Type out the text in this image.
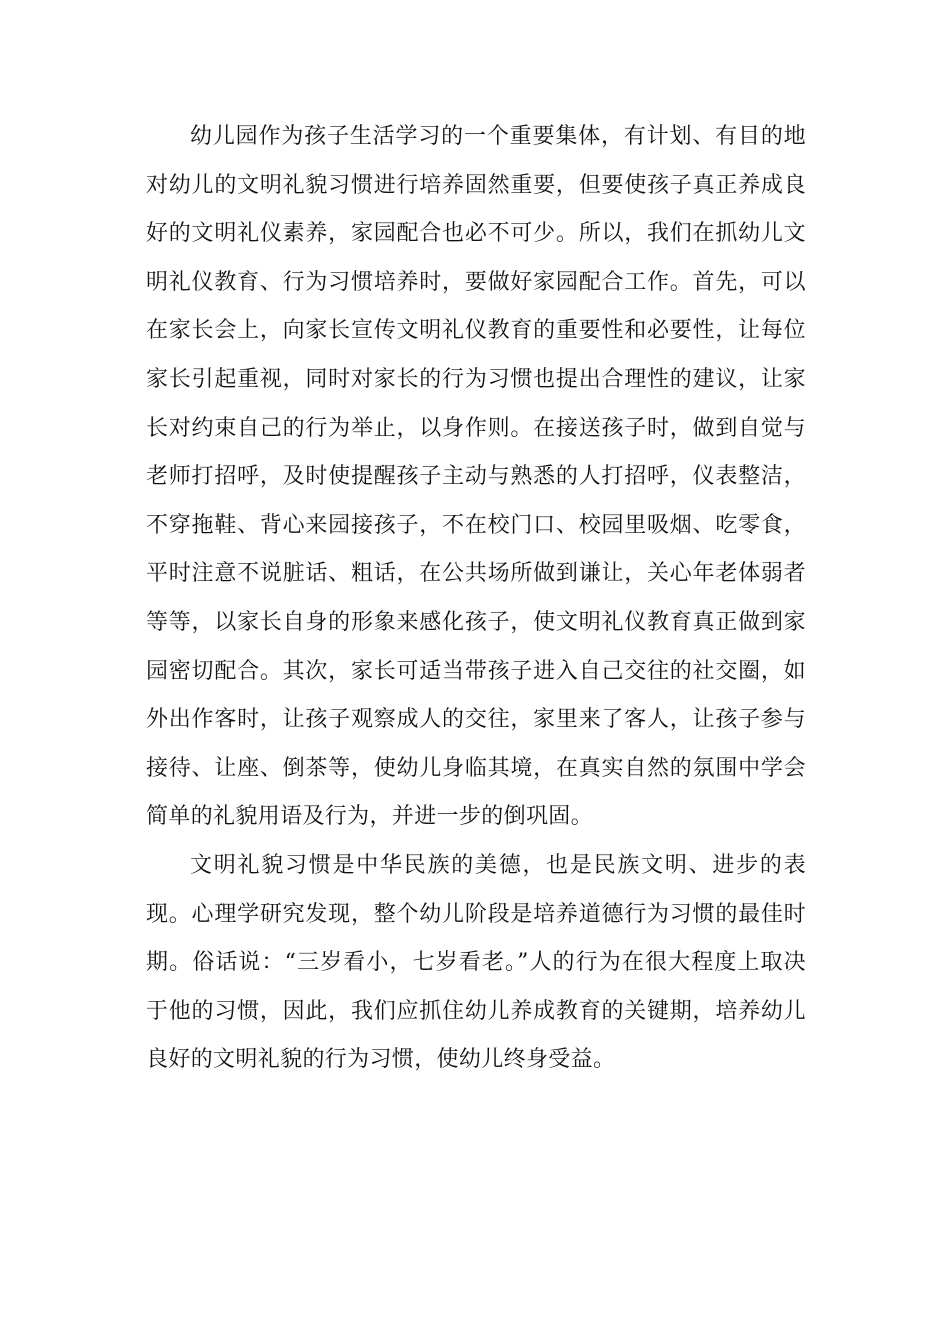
幼儿园作为孩子生活学习的一个重要集体，有计划、有目的地对幼儿的文明礼貌习惯进行培养固然重要，但要使孩子真正养成良好的文明礼仪素养，家园配合也必不可少。所以，我们在抓幼儿文明礼仪教育、行为习惯培养时，要做好家园配合工作。首先，可以在家长会上，向家长宣传文明礼仪教育的重要性和必要性，让每位家长引起重视，同时对家长的行为习惯也提出合理性的建议，让家长对约束自己的行为举止，以身作则。在接送孩子时，做到自觉与老师打招呼，及时使提醒孩子主动与熟悉的人打招呼，仪表整洁，不穿拖鞋、背心来园接孩子，不在校门口、校园里吸烟、吃零食，平时注意不说脏话、粗话，在公共场所做到谦让，关心年老体弱者等等，以家长自身的形象来感化孩子，使文明礼仪教育真正做到家园密切配合。其次，家长可适当带孩子进入自己交往的社交圈，如外出作客时，让孩子观察成人的交往，家里来了客人，让孩子参与接待、让座、倒茶等，使幼儿身临其境，在真实自然的氛围中学会简单的礼貌用语及行为，并进一步的倒巩固。

文明礼貌习惯是中华民族的美德，也是民族文明、进步的表现。心理学研究发现，整个幼儿阶段是培养道德行为习惯的最佳时期。俗话说：“三岁看小，七岁看老。”人的行为在很大程度上取决于他的习惯，因此，我们应抓住幼儿养成教育的关键期，培养幼儿良好的文明礼貌的行为习惯，使幼儿终身受益。
